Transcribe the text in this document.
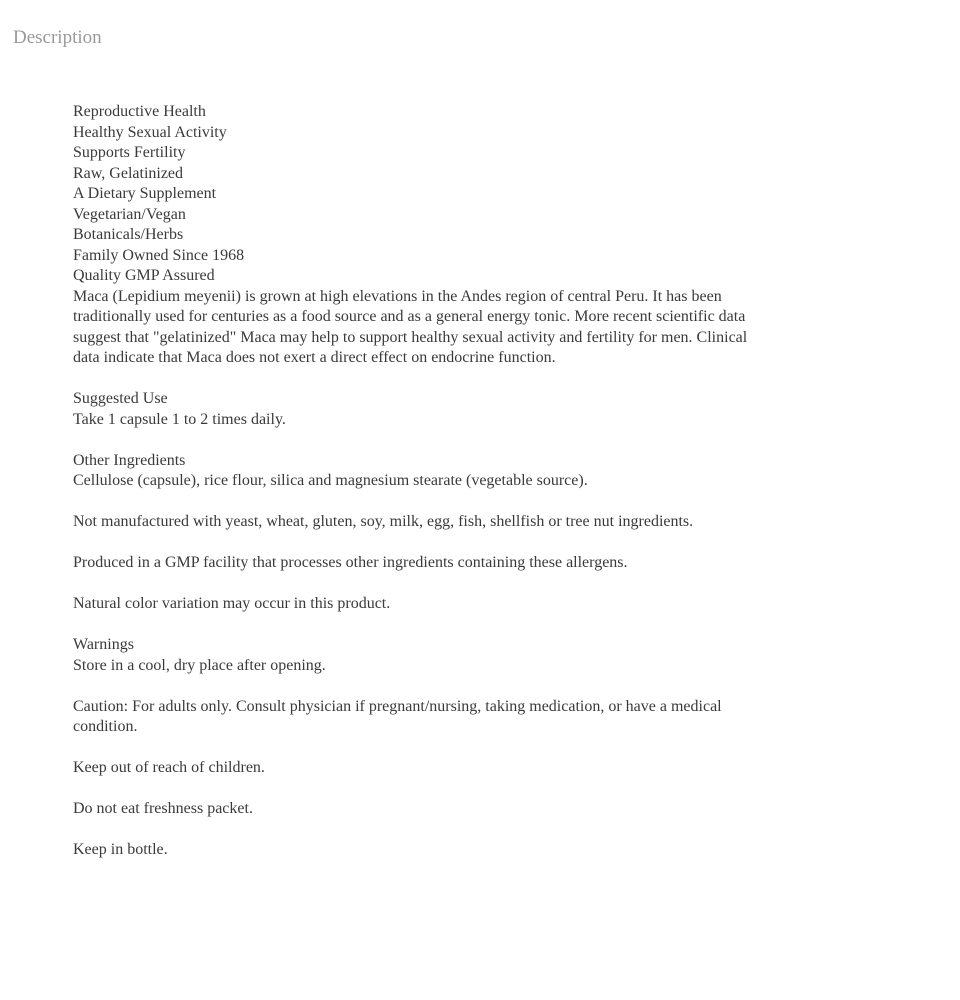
Description
Reproductive Health
Healthy Sexual Activity
Supports Fertility
Raw, Gelatinized
A Dietary Supplement
Vegetarian/Vegan
Botanicals/Herbs
Family Owned Since 1968
Quality GMP Assured
Maca (Lepidium meyenii) is grown at high elevations in the Andes region of central Peru. It has been traditionally used for centuries as a food source and as a general energy tonic. More recent scientific data suggest that "gelatinized" Maca may help to support healthy sexual activity and fertility for men. Clinical data indicate that Maca does not exert a direct effect on endocrine function.
Suggested Use
Take 1 capsule 1 to 2 times daily.
Other Ingredients
Cellulose (capsule), rice flour, silica and magnesium stearate (vegetable source).
Not manufactured with yeast, wheat, gluten, soy, milk, egg, fish, shellfish or tree nut ingredients.
Produced in a GMP facility that processes other ingredients containing these allergens.
Natural color variation may occur in this product.
Warnings
Store in a cool, dry place after opening.
Caution: For adults only. Consult physician if pregnant/nursing, taking medication, or have a medical condition.
Keep out of reach of children.
Do not eat freshness packet.
Keep in bottle.
